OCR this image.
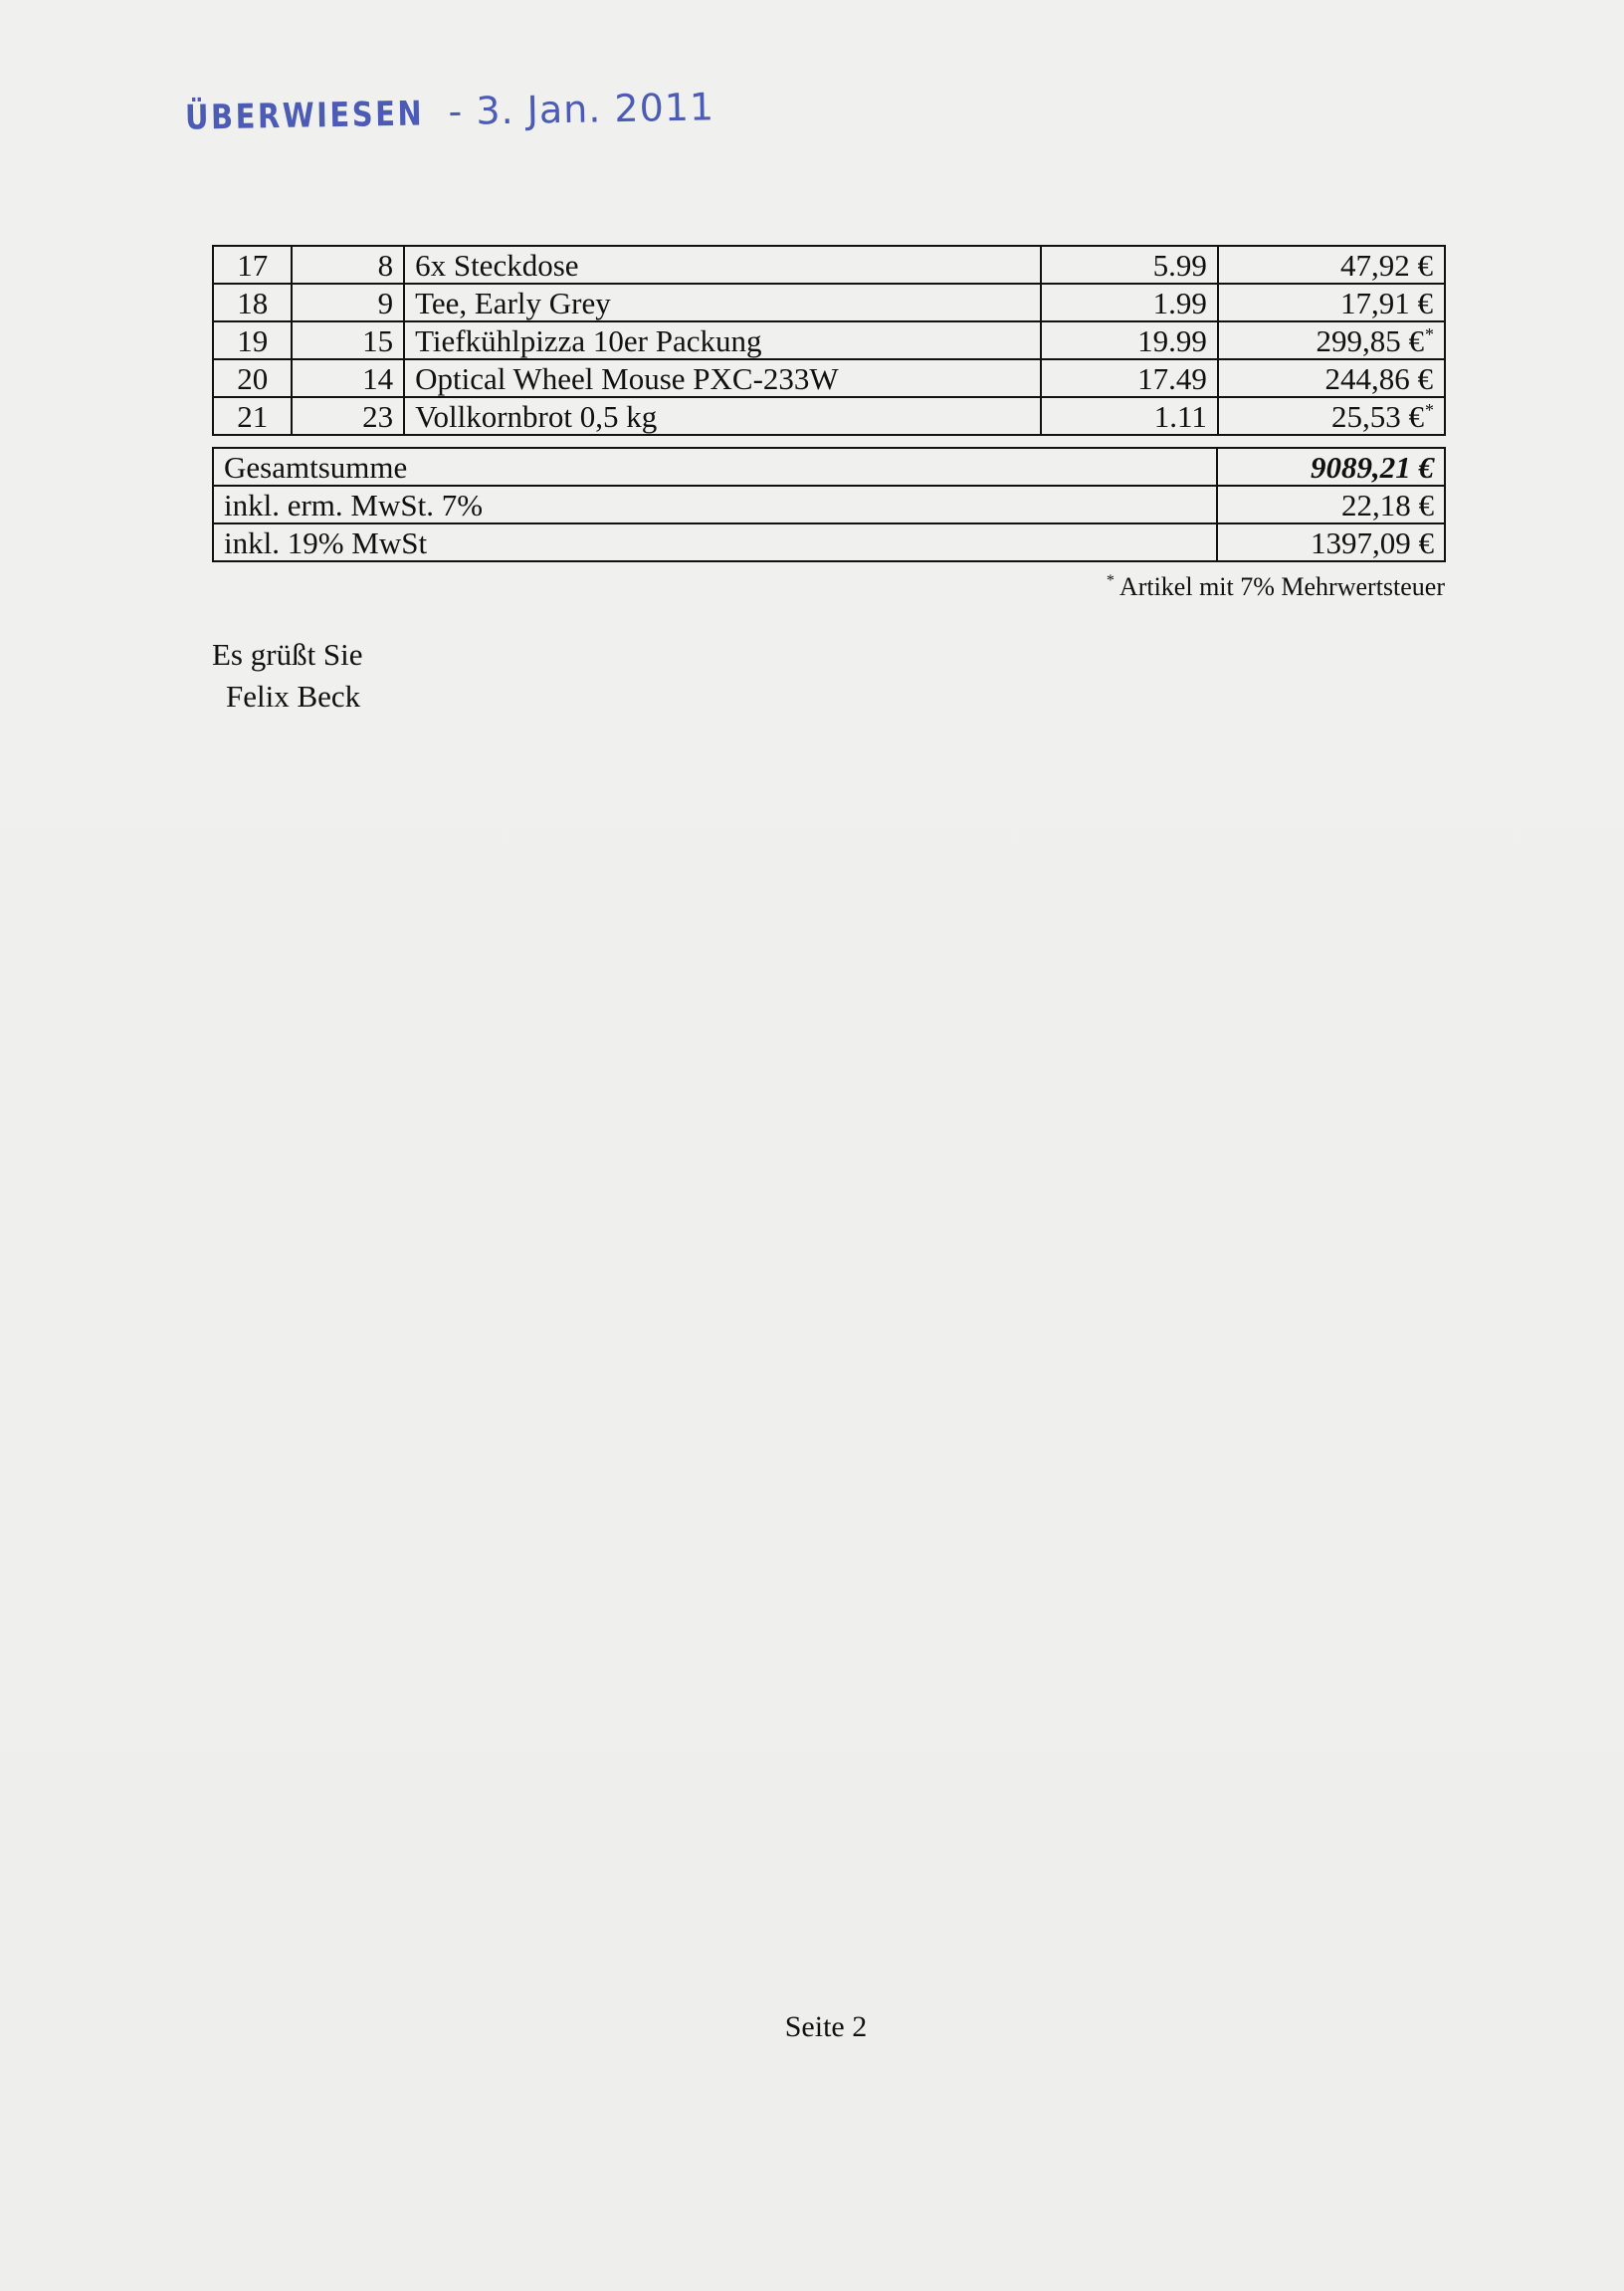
ÜBERWIESEN - 3. Jan. 2011
17	8	6x Steckdose	5.99	47,92 €
18	9	Tee, Early Grey	1.99	17,91 €
19	15	Tiefkühlpizza 10er Packung	19.99	299,85 €*
20	14	Optical Wheel Mouse PXC-233W	17.49	244,86 €
21	23	Vollkornbrot 0,5 kg	1.11	25,53 €*
Gesamtsumme	9089,21 €
inkl. erm. MwSt. 7%	22,18 €
inkl. 19% MwSt	1397,09 €
* Artikel mit 7% Mehrwertsteuer
Es grüßt Sie
Felix Beck
Seite 2
